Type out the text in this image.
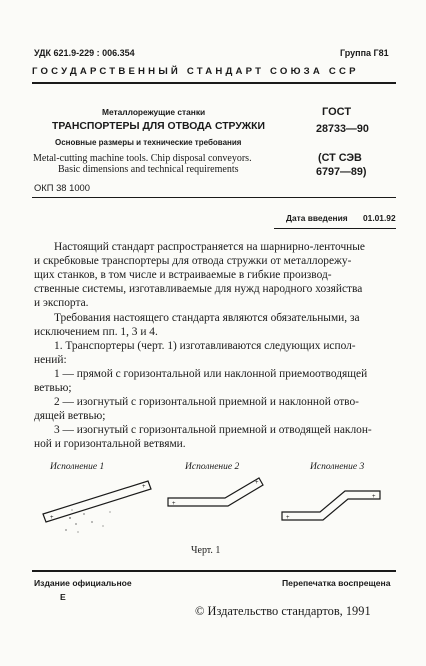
УДК 621.9-229 : 006.354	Группа Г81
ГОСУДАРСТВЕННЫЙ СТАНДАРТ СОЮЗА ССР
Металлорежущие станки
ТРАНСПОРТЕРЫ ДЛЯ ОТВОДА СТРУЖКИ
Основные размеры и технические требования
Metal-cutting machine tools. Chip disposal conveyors.
Basic dimensions and technical requirements
ОКП 38 1000
ГОСТ
28733—90
(СТ СЭВ
6797—89)
Дата введения 01.01.92
Настоящий стандарт распространяется на шарнирно-ленточные
и скребковые транспортеры для отвода стружки от металлорежу-
щих станков, в том числе и встраиваемые в гибкие производ-
ственные системы, изготавливаемые для нужд народного хозяйства
и экспорта.
Требования настоящего стандарта являются обязательными, за
исключением пп. 1, 3 и 4.
1. Транспортеры (черт. 1) изготавливаются следующих испол-
нений:
1 — прямой с горизонтальной или наклонной приемоотводящей
ветвью;
2 — изогнутый с горизонтальной приемной и наклонной отво-
дящей ветвью;
3 — изогнутый с горизонтальной приемной и отводящей наклон-
ной и горизонтальной ветвями.
Исполнение 1	Исполнение 2	Исполнение 3
+
+
+
+
+
+
Черт. 1
Издание официальное
Е
Перепечатка воспрещена
© Издательство стандартов, 1991
